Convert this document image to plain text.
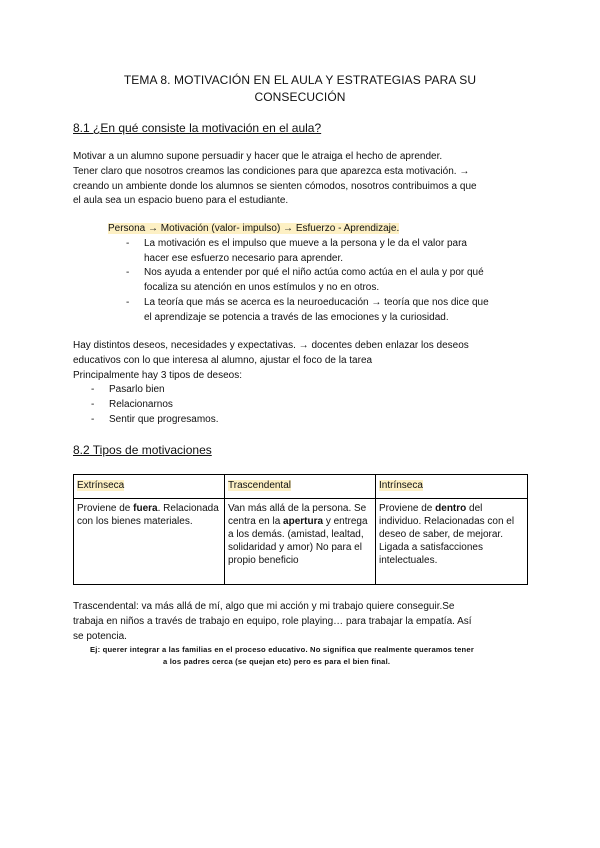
TEMA 8. MOTIVACIÓN EN EL AULA Y ESTRATEGIAS PARA SU
CONSECUCIÓN
8.1 ¿En qué consiste la motivación en el aula?
Motivar a un alumno supone persuadir y hacer que le atraiga el hecho de aprender.
Tener claro que nosotros creamos las condiciones para que aparezca esta motivación. →
creando un ambiente donde los alumnos se sienten cómodos, nosotros contribuimos a que
el aula sea un espacio bueno para el estudiante.
Persona → Motivación (valor- impulso) → Esfuerzo - Aprendizaje.
- La motivación es el impulso que mueve a la persona y le da el valor para
hacer ese esfuerzo necesario para aprender.
- Nos ayuda a entender por qué el niño actúa como actúa en el aula y por qué
focaliza su atención en unos estímulos y no en otros.
- La teoría que más se acerca es la neuroeducación → teoría que nos dice que
el aprendizaje se potencia a través de las emociones y la curiosidad.
Hay distintos deseos, necesidades y expectativas. → docentes deben enlazar los deseos
educativos con lo que interesa al alumno, ajustar el foco de la tarea
Principalmente hay 3 tipos de deseos:
- Pasarlo bien
- Relacionarnos
- Sentir que progresamos.
8.2 Tipos de motivaciones
Extrínseca	Trascendental	Intrínseca
Proviene de fuera. Relacionada con los bienes materiales.	Van más allá de la persona. Se centra en la apertura y entrega a los demás. (amistad, lealtad, solidaridad y amor) No para el propio beneficio	Proviene de dentro del individuo. Relacionadas con el deseo de saber, de mejorar. Ligada a satisfacciones intelectuales.
Trascendental: va más allá de mí, algo que mi acción y mi trabajo quiere conseguir.Se
trabaja en niños a través de trabajo en equipo, role playing… para trabajar la empatía. Así
se potencia.
Ej: querer integrar a las familias en el proceso educativo. No significa que realmente queramos tener
a los padres cerca (se quejan etc) pero es para el bien final.
